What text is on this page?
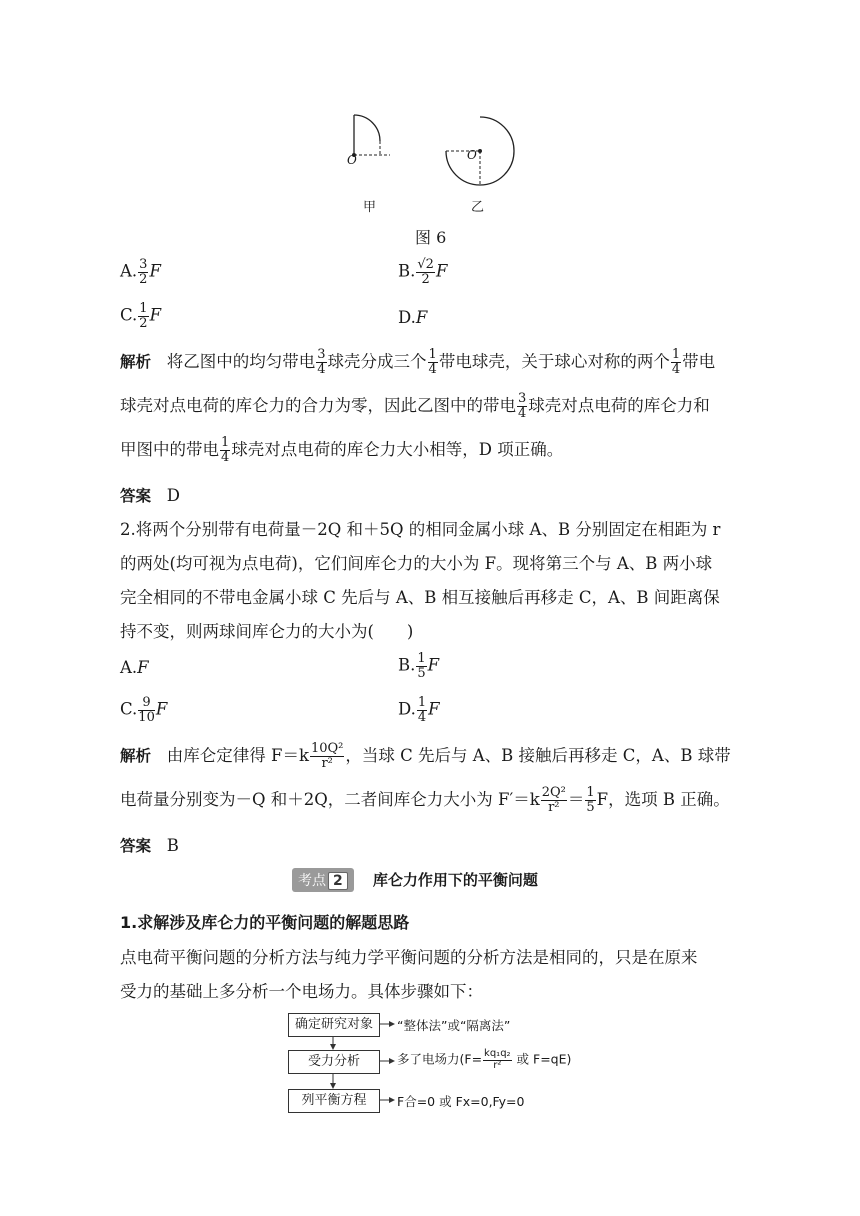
O	O
甲	乙
图 6
A. $\frac{3}{2}$ F	B. $\frac{√2}{2}$ F
C. $\frac{1}{2}$ F	D.F
解析 将乙图中的均匀带电 $\frac{3}{4}$ 球壳分成三个 $\frac{1}{4}$ 带电球壳，关于球心对称的两个 $\frac{1}{4}$ 带电
球壳对点电荷的库仑力的合力为零，因此乙图中的带电 $\frac{3}{4}$ 球壳对点电荷的库仑力和
甲图中的带电 $\frac{1}{4}$ 球壳对点电荷的库仑力大小相等，D 项正确。
答案 D
2.将两个分别带有电荷量－2Q 和＋5Q 的相同金属小球 A、B 分别固定在相距为 r
的两处(均可视为点电荷)，它们间库仑力的大小为 F。现将第三个与 A、B 两小球
完全相同的不带电金属小球 C 先后与 A、B 相互接触后再移走 C，A、B 间距离保
持不变，则两球间库仑力的大小为(　　)
A.F	B. $\frac{1}{5}$ F
C. $\frac{9}{10}$ F	D. $\frac{1}{4}$ F
解析 由库仑定律得 $F=k \frac{\text{10Q²}}{\text{r²}}$ ，当球 C 先后与 A、B 接触后再移走 C，A、B 球带
电荷量分别变为－Q 和＋2Q，二者间库仑力大小为 $F'=k \frac{\text{2Q²}}{\text{r²}} = \frac{1}{5}$ F，选项 B 正确。
答案 B
考点 2 库仑力作用下的平衡问题
1.求解涉及库仑力的平衡问题的解题思路
点电荷平衡问题的分析方法与纯力学平衡问题的分析方法是相同的，只是在原来
受力的基础上多分析一个电场力。具体步骤如下：
确定研究对象
受力分析
列平衡方程
“整体法”或“隔离法”
多了电场力($F= \frac{\text{kq₁q₂}}{\text{r²}}$ 或 F=qE)
F合=0 或 Fx=0,Fy=0
